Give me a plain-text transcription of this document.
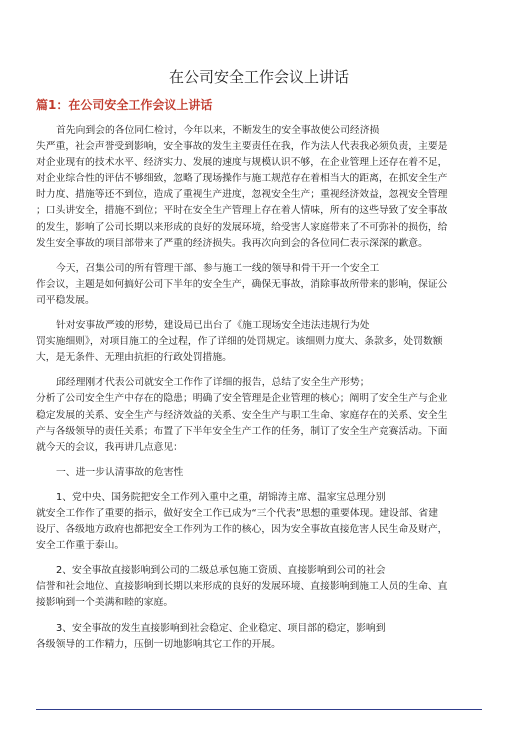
在公司安全工作会议上讲话
篇1：在公司安全工作会议上讲话

首先向到会的各位同仁检讨，今年以来，不断发生的安全事故使公司经济损
失严重，社会声誉受到影响，安全事故的发生主要责任在我，作为法人代表我必须负责，主要是
对企业现有的技术水平、经济实力、发展的速度与规模认识不够，在企业管理上还存在着不足，
对企业综合性的评估不够细致，忽略了现场操作与施工规范存在着相当大的距离，在抓安全生产
时力度、措施等还不到位，造成了重视生产进度，忽视安全生产；重视经济效益，忽视安全管理
；口头讲安全，措施不到位；平时在安全生产管理上存在着人情味，所有的这些导致了安全事故
的发生，影响了公司长期以来形成的良好的发展环境，给受害人家庭带来了不可弥补的损伤，给
发生安全事故的项目部带来了严重的经济损失。我再次向到会的各位同仁表示深深的歉意。

今天，召集公司的所有管理干部、参与施工一线的领导和骨干开一个安全工
作会议，主题是如何搞好公司下半年的安全生产，确保无事故，消除事故所带来的影响，保证公
司平稳发展。

针对安事故严竣的形势，建设局已出台了《施工现场安全违法违规行为处
罚实施细则》，对项目施工的全过程，作了详细的处罚规定。该细则力度大、条款多，处罚数额
大，是无条件、无理由抗拒的行政处罚措施。

邱经理刚才代表公司就安全工作作了详细的报告，总结了安全生产形势；
分析了公司安全生产中存在的隐患；明确了安全管理是企业管理的核心；阐明了安全生产与企业
稳定发展的关系、安全生产与经济效益的关系、安全生产与职工生命、家庭存在的关系、安全生
产与各级领导的责任关系；布置了下半年安全生产工作的任务，制订了安全生产竞赛活动。下面
就今天的会议，我再讲几点意见：

一、进一步认清事故的危害性

1、党中央、国务院把安全工作列入重中之重，胡锦涛主席、温家宝总理分别
就安全工作作了重要的指示，做好安全工作已成为“三个代表”思想的重要体现。建设部、省建
设厅、各级地方政府也都把安全工作列为工作的核心，因为安全事故直接危害人民生命及财产，
安全工作重于泰山。

2、安全事故直接影响到公司的二级总承包施工资质、直接影响到公司的社会
信誉和社会地位、直接影响到长期以来形成的良好的发展环境、直接影响到施工人员的生命、直
接影响到一个美满和睦的家庭。

3、安全事故的发生直接影响到社会稳定、企业稳定、项目部的稳定，影响到
各级领导的工作精力，压倒一切地影响其它工作的开展。
